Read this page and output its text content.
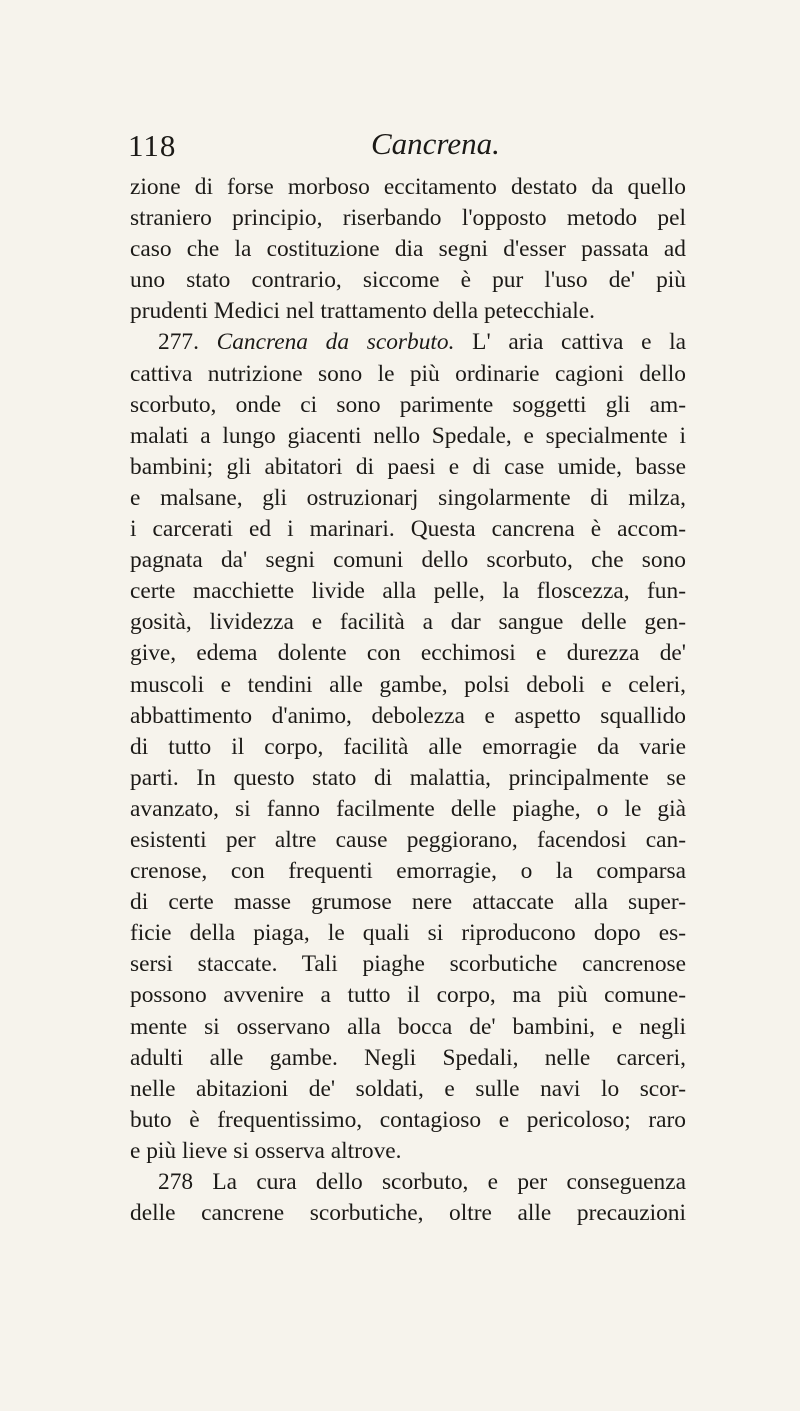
118	Cancrena.
zione di forse morboso eccitamento destato da quello
straniero principio, riserbando l'opposto metodo pel
caso che la costituzione dia segni d'esser passata ad
uno stato contrario, siccome è pur l'uso de' più
prudenti Medici nel trattamento della petecchiale.
277. Cancrena da scorbuto. L' aria cattiva e la
cattiva nutrizione sono le più ordinarie cagioni dello
scorbuto, onde ci sono parimente soggetti gli am-
malati a lungo giacenti nello Spedale, e specialmente i
bambini; gli abitatori di paesi e di case umide, basse
e malsane, gli ostruzionarj singolarmente di milza,
i carcerati ed i marinari. Questa cancrena è accom-
pagnata da' segni comuni dello scorbuto, che sono
certe macchiette livide alla pelle, la floscezza, fun-
gosità, lividezza e facilità a dar sangue delle gen-
give, edema dolente con ecchimosi e durezza de'
muscoli e tendini alle gambe, polsi deboli e celeri,
abbattimento d'animo, debolezza e aspetto squallido
di tutto il corpo, facilità alle emorragie da varie
parti. In questo stato di malattia, principalmente se
avanzato, si fanno facilmente delle piaghe, o le già
esistenti per altre cause peggiorano, facendosi can-
crenose, con frequenti emorragie, o la comparsa
di certe masse grumose nere attaccate alla super-
ficie della piaga, le quali si riproducono dopo es-
sersi staccate. Tali piaghe scorbutiche cancrenose
possono avvenire a tutto il corpo, ma più comune-
mente si osservano alla bocca de' bambini, e negli
adulti alle gambe. Negli Spedali, nelle carceri,
nelle abitazioni de' soldati, e sulle navi lo scor-
buto è frequentissimo, contagioso e pericoloso; raro
e più lieve si osserva altrove.
278 La cura dello scorbuto, e per conseguenza
delle cancrene scorbutiche, oltre alle precauzioni
